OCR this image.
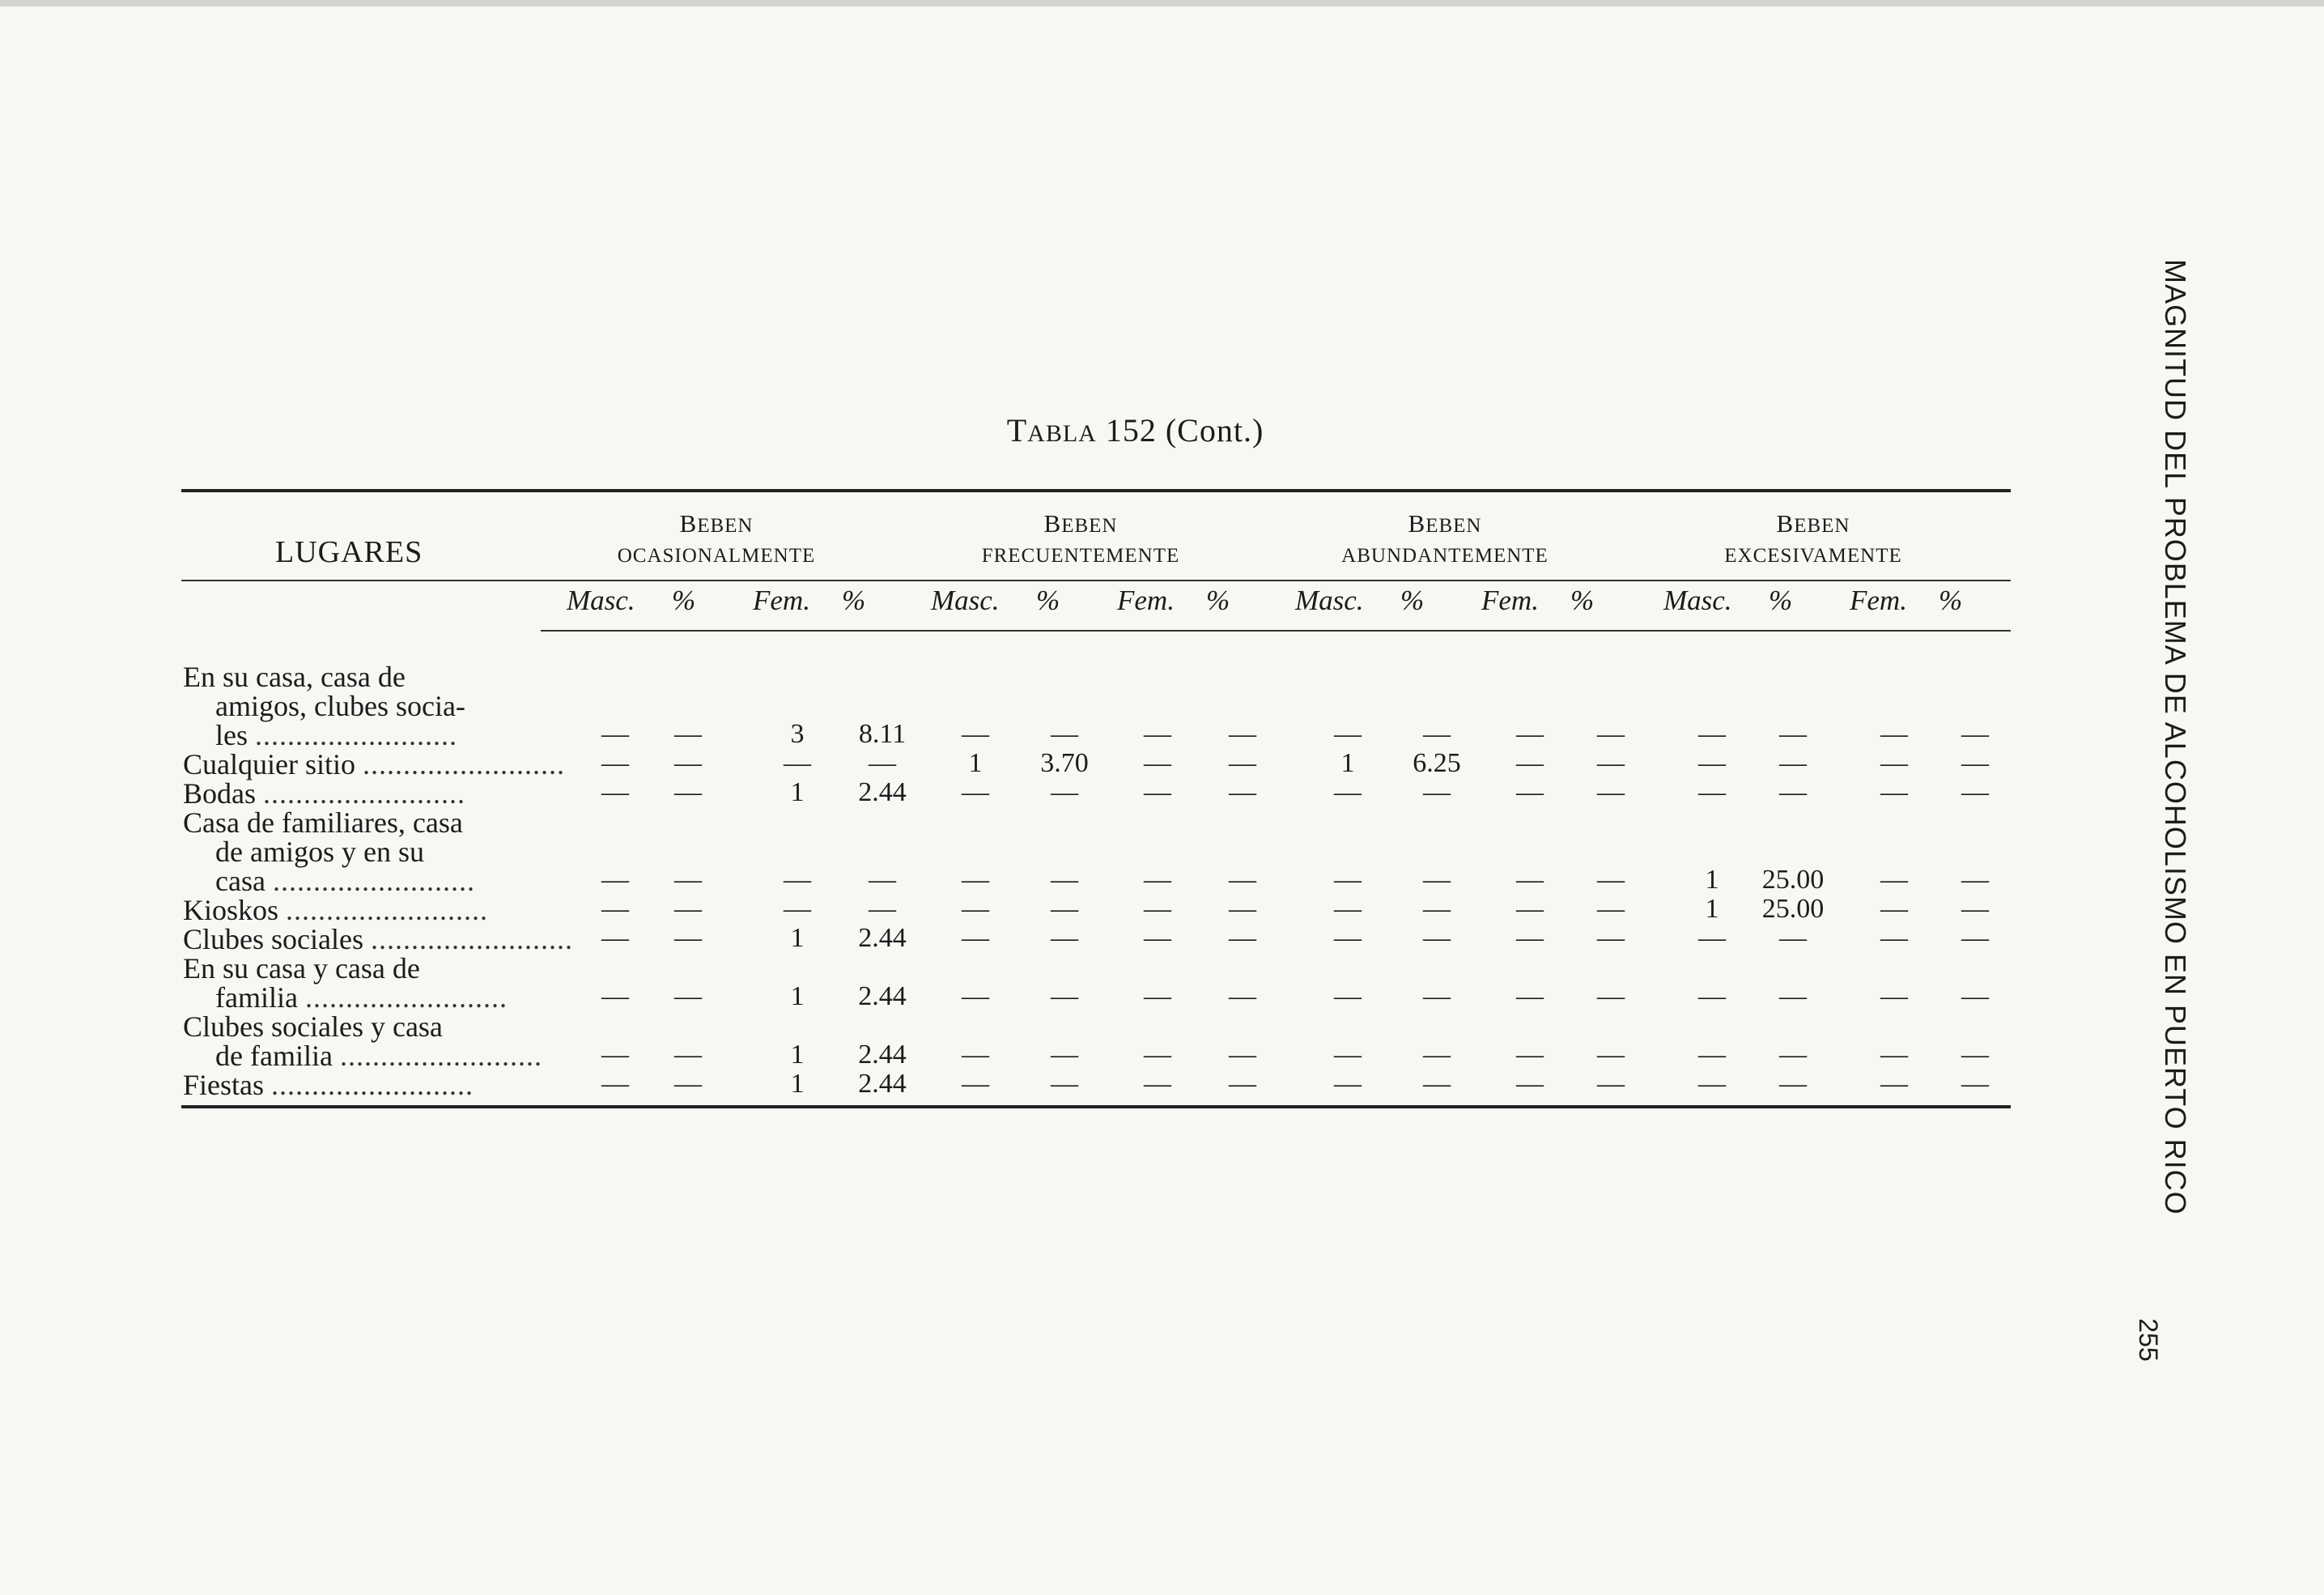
TABLA 152 (Cont.)
LUGARES
BEBEN
OCASIONALMENTE
BEBEN
FRECUENTEMENTE
BEBEN
ABUNDANTEMENTE
BEBEN
EXCESIVAMENTE
Masc. % Fem. % Masc. % Fem. % Masc. % Fem. % Masc. % Fem. %
En su casa, casa de
amigos, clubes socia-
les .........................	—	—	3	8.11	—	—	—	—	—	—	—	—	—	—	—	—
Cualquier sitio .........................	—	—	—	—	1	3.70	—	—	1	6.25	—	—	—	—	—	—
Bodas .........................	—	—	1	2.44	—	—	—	—	—	—	—	—	—	—	—	—
Casa de familiares, casa
de amigos y en su
casa .........................	—	—	—	—	—	—	—	—	—	—	—	—	1	25.00	—	—
Kioskos .........................	—	—	—	—	—	—	—	—	—	—	—	—	1	25.00	—	—
Clubes sociales .........................	—	—	1	2.44	—	—	—	—	—	—	—	—	—	—	—	—
En su casa y casa de
familia .........................	—	—	1	2.44	—	—	—	—	—	—	—	—	—	—	—	—
Clubes sociales y casa
de familia .........................	—	—	1	2.44	—	—	—	—	—	—	—	—	—	—	—	—
Fiestas .........................	—	—	1	2.44	—	—	—	—	—	—	—	—	—	—	—	—	MAGNITUD DEL PROBLEMA DE ALCOHOLISMO EN PUERTO RICO
255
